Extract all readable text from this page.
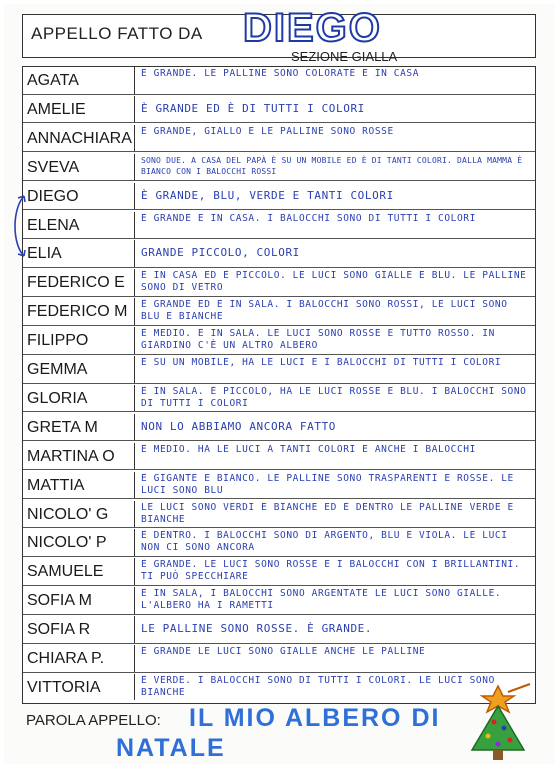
APPELLO FATTO DA DIEGO
SEZIONE GIALLA
AGATA	È GRANDE. LE PALLINE SONO COLORATE È IN CASA
AMELIE	È GRANDE ED È DI TUTTI I COLORI
ANNACHIARA È GRANDE, GIALLO E LE PALLINE SONO ROSSE
SVEVA	SONO DUE. A CASA DEL PAPÀ È SU UN MOBILE ED È DI TANTI COLORI. DALLA MAMMA È BIANCO CON I BALOCCHI ROSSI
DIEGO	È GRANDE, BLU, VERDE E TANTI COLORI
ELENA	È GRANDE E IN CASA. I BALOCCHI SONO DI TUTTI I COLORI
ELIA	GRANDE PICCOLO, COLORI
FEDERICO E	È IN CASA ED È PICCOLO. LE LUCI SONO GIALLE E BLU. LE PALLINE SONO DI VETRO
FEDERICO M	È GRANDE ED È IN SALA. I BALOCCHI SONO ROSSI, LE LUCI SONO BLU E BIANCHE
FILIPPO	È MEDIO. È IN SALA. LE LUCI SONO ROSSE E TUTTO ROSSO. IN GIARDINO C'È UN ALTRO ALBERO
GEMMA	È SU UN MOBILE, HA LE LUCI E I BALOCCHI DI TUTTI I COLORI
GLORIA	È IN SALA. È PICCOLO, HA LE LUCI ROSSE E BLU. I BALOCCHI SONO DI TUTTI I COLORI
GRETA M	NON LO ABBIAMO ANCORA FATTO
MARTINA O	È MEDIO. HA LE LUCI A TANTI COLORI E ANCHE I BALOCCHI
MATTIA	È GIGANTE E BIANCO. LE PALLINE SONO TRASPARENTI E ROSSE. LE LUCI SONO BLU
NICOLO' G	LE LUCI SONO VERDI E BIANCHE ED È DENTRO LE PALLINE VERDE E BIANCHE
NICOLO' P	È DENTRO. I BALOCCHI SONO DI ARGENTO, BLU E VIOLA. LE LUCI NON CI SONO ANCORA
SAMUELE	È GRANDE. LE LUCI SONO ROSSE E I BALOCCHI CON I BRILLANTINI. TI PUÒ SPECCHIARE
SOFIA M	È IN SALA, I BALOCCHI SONO ARGENTATE LE LUCI SONO GIALLE. L'ALBERO HA I RAMETTI
SOFIA R	LE PALLINE SONO ROSSE. È GRANDE.
CHIARA P.	È GRANDE LE LUCI SONO GIALLE ANCHE LE PALLINE
VITTORIA	È VERDE. I BALOCCHI SONO DI TUTTI I COLORI. LE LUCI SONO BIANCHE
PAROLA APPELLO: IL MIO ALBERO DI
NATALE
